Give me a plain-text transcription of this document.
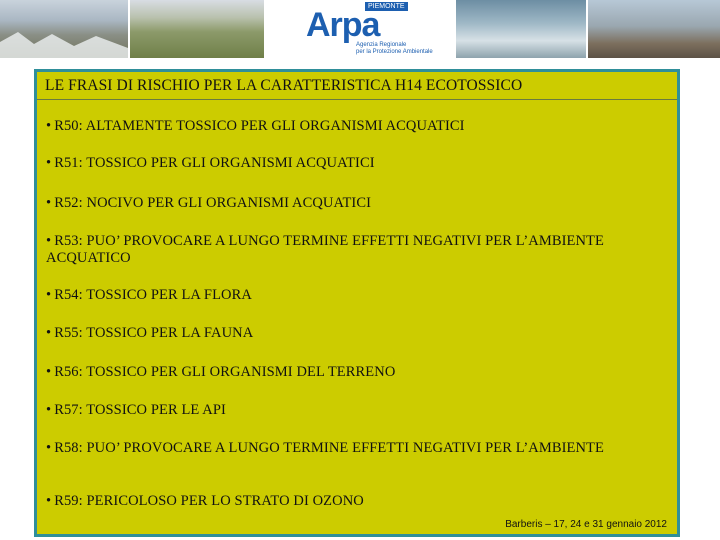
PIEMONTE
Arpa
Agenzia Regionale
per la Protezione Ambientale
LE FRASI DI RISCHIO PER LA CARATTERISTICA H14 ECOTOSSICO
• R50: ALTAMENTE TOSSICO PER GLI ORGANISMI ACQUATICI
• R51: TOSSICO PER GLI ORGANISMI ACQUATICI
• R52: NOCIVO PER GLI ORGANISMI ACQUATICI
• R53: PUO’ PROVOCARE A LUNGO TERMINE EFFETTI NEGATIVI PER L’AMBIENTE ACQUATICO
• R54: TOSSICO PER LA FLORA
• R55: TOSSICO PER LA FAUNA
• R56: TOSSICO PER GLI ORGANISMI DEL TERRENO
• R57: TOSSICO PER LE API
• R58: PUO’ PROVOCARE A LUNGO TERMINE EFFETTI NEGATIVI PER L’AMBIENTE
• R59: PERICOLOSO PER LO STRATO DI OZONO
Barberis – 17, 24 e 31 gennaio 2012
